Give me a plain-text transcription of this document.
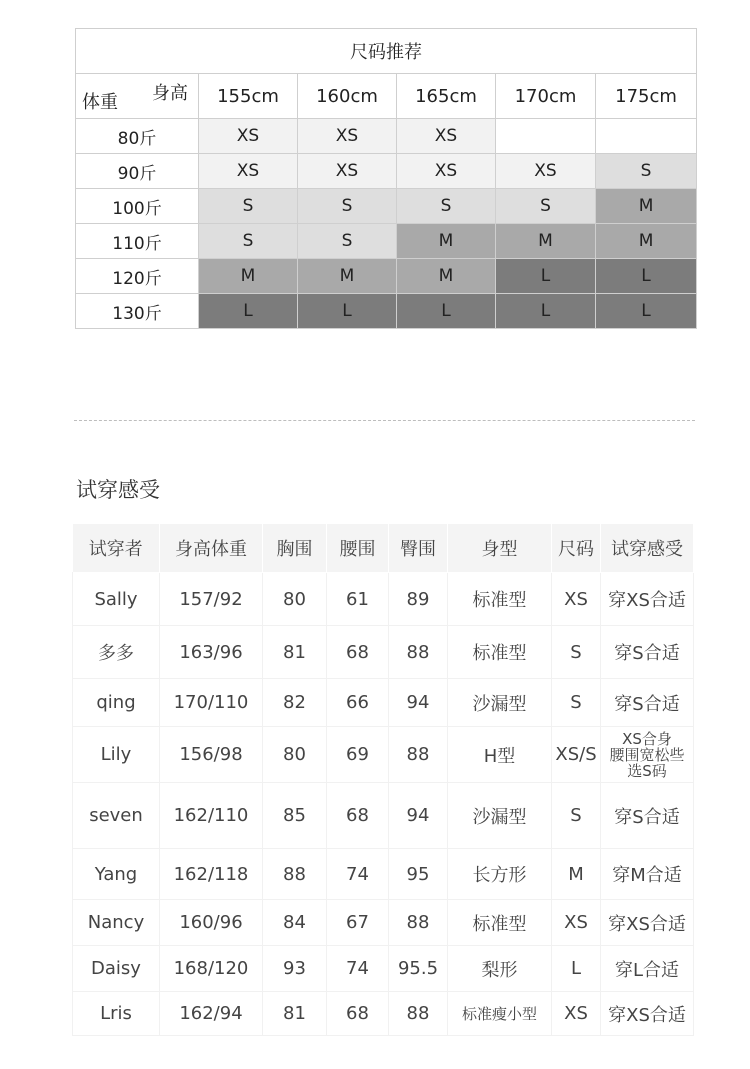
尺码推荐					

身高
体重	155cm	160cm	165cm	170cm	175cm
80斤	XS	XS	XS		
90斤	XS	XS	XS	XS	S
100斤	S	S	S	S	M
110斤	S	S	M	M	M
120斤	M	M	M	L	L
130斤	L	L	L	L	L
试穿感受
试穿者	身高体重	胸围	腰围	臀围	身型	尺码	试穿感受
Sally	157/92	80	61	89	标准型	XS	穿XS合适
多多	163/96	81	68	88	标准型	S	穿S合适
qing	170/110	82	66	94	沙漏型	S	穿S合适
Lily	156/98	80	69	88	H型	XS/S	XS合身
腰围宽松些
选S码

seven	162/110	85	68	94	沙漏型	S	穿S合适
Yang	162/118	88	74	95	长方形	M	穿M合适
Nancy	160/96	84	67	88	标准型	XS	穿XS合适
Daisy	168/120	93	74	95.5	梨形	L	穿L合适
Lris	162/94	81	68	88	标准瘦小型	XS	穿XS合适
